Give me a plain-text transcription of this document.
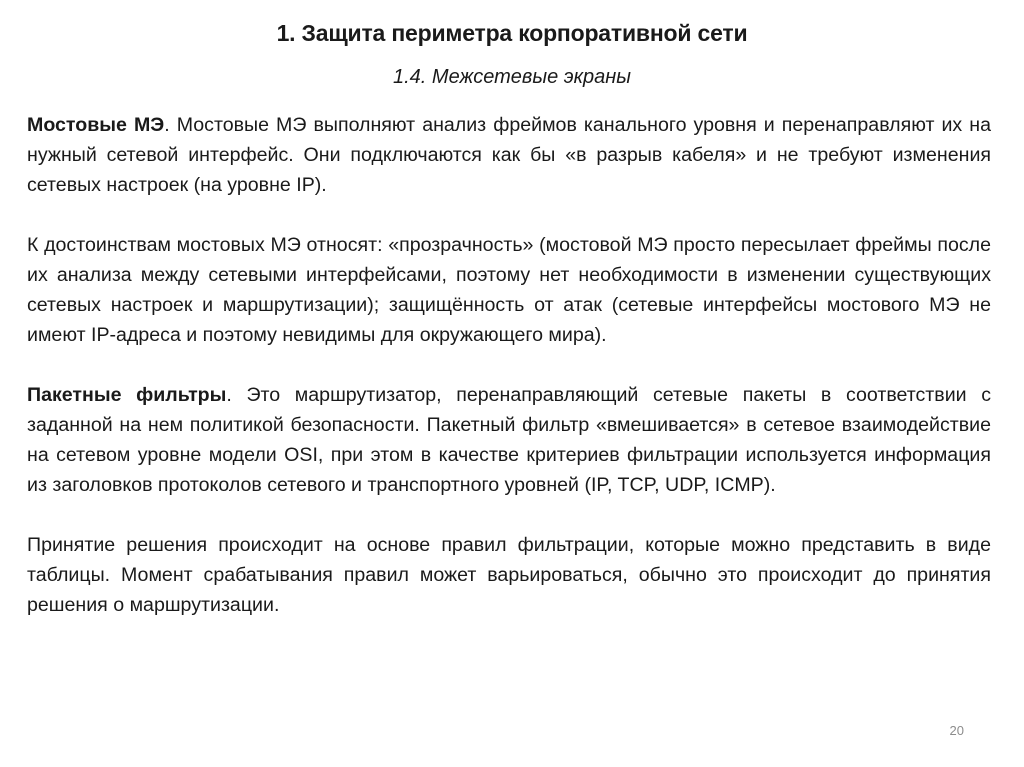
1. Защита периметра корпоративной сети
1.4. Межсетевые экраны

Мостовые МЭ. Мостовые МЭ выполняют анализ фреймов канального уровня и перенаправляют их на нужный сетевой интерфейс. Они подключаются как бы «в разрыв кабеля» и не требуют изменения сетевых настроек (на уровне IP).

К достоинствам мостовых МЭ относят: «прозрачность» (мостовой МЭ просто пересылает фреймы после их анализа между сетевыми интерфейсами, поэтому нет необходимости в изменении существующих сетевых настроек и маршрутизации); защищённость от атак (сетевые интерфейсы мостового МЭ не имеют IP-адреса и поэтому невидимы для окружающего мира).

Пакетные фильтры. Это маршрутизатор, перенаправляющий сетевые пакеты в соответствии с заданной на нем политикой безопасности. Пакетный фильтр «вмешивается» в сетевое взаимодействие на сетевом уровне модели OSI, при этом в качестве критериев фильтрации используется информация из заголовков протоколов сетевого и транспортного уровней (IP, TCP, UDP, ICMP).

Принятие решения происходит на основе правил фильтрации, которые можно представить в виде таблицы. Момент срабатывания правил может варьироваться, обычно это происходит до принятия решения о маршрутизации.

20
